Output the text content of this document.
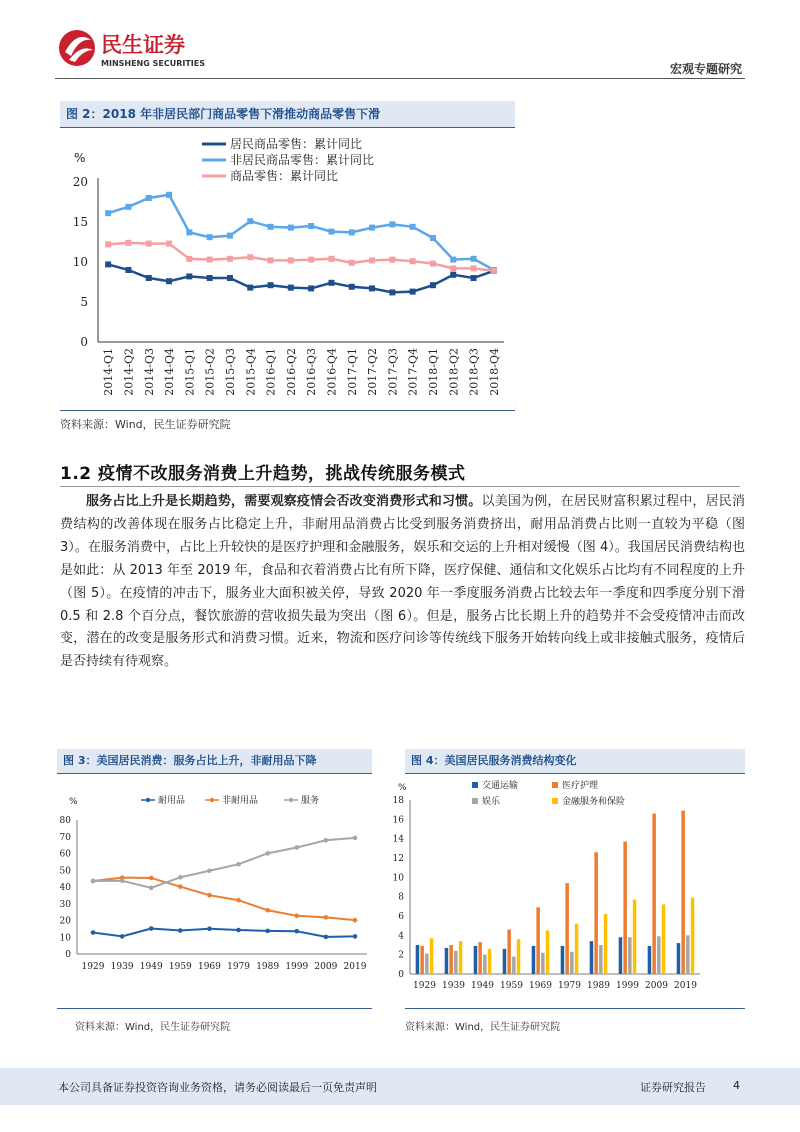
民生证券
MINSHENG SECURITIES	宏观专题研究
图 2：2018 年非居民部门商品零售下滑推动商品零售下滑
%
0
5
10
15
20
2014-Q1 2014-Q2 2014-Q3 2014-Q4 2015-Q1 2015-Q2 2015-Q3 2015-Q4 2016-Q1 2016-Q2 2016-Q3 2016-Q4 2017-Q1 2017-Q2 2017-Q3 2017-Q4 2018-Q1 2018-Q2 2018-Q3 2018-Q4
居民商品零售：累计同比
非居民商品零售：累计同比
商品零售：累计同比
资料来源：Wind，民生证券研究院
1.2 疫情不改服务消费上升趋势，挑战传统服务模式
服务占比上升是长期趋势，需要观察疫情会否改变消费形式和习惯。以美国为例，在居民财富积累过程中，居民消费结构的改善体现在服务占比稳定上升，非耐用品消费占比受到服务消费挤出，耐用品消费占比则一直较为平稳（图 3）。在服务消费中，占比上升较快的是医疗护理和金融服务，娱乐和交运的上升相对缓慢（图 4）。我国居民消费结构也是如此：从 2013 年至 2019 年，食品和衣着消费占比有所下降，医疗保健、通信和文化娱乐占比均有不同程度的上升（图 5）。在疫情的冲击下，服务业大面积被关停，导致 2020 年一季度服务消费占比较去年一季度和四季度分别下滑 0.5 和 2.8 个百分点，餐饮旅游的营收损失最为突出（图 6）。但是，服务占比长期上升的趋势并不会受疫情冲击而改变，潜在的改变是服务形式和消费习惯。近来，物流和医疗问诊等传统线下服务开始转向线上或非接触式服务，疫情后是否持续有待观察。
图 3：美国居民消费：服务占比上升，非耐用品下降	图 4：美国居民服务消费结构变化
%
0
10
20
30
40
50
60
70
80
1929 1939 1949 1959 1969 1979 1989 1999 2009 2019
耐用品	非耐用品	服务
%
0
2
4
6
8
10
12
14
16
18
1929 1939 1949 1959 1969 1979 1989 1999 2009 2019
交通运输	医疗护理
娱乐	金融服务和保险
资料来源：Wind，民生证券研究院	资料来源：Wind，民生证券研究院
本公司具备证券投资咨询业务资格，请务必阅读最后一页免责声明	证券研究报告 4
